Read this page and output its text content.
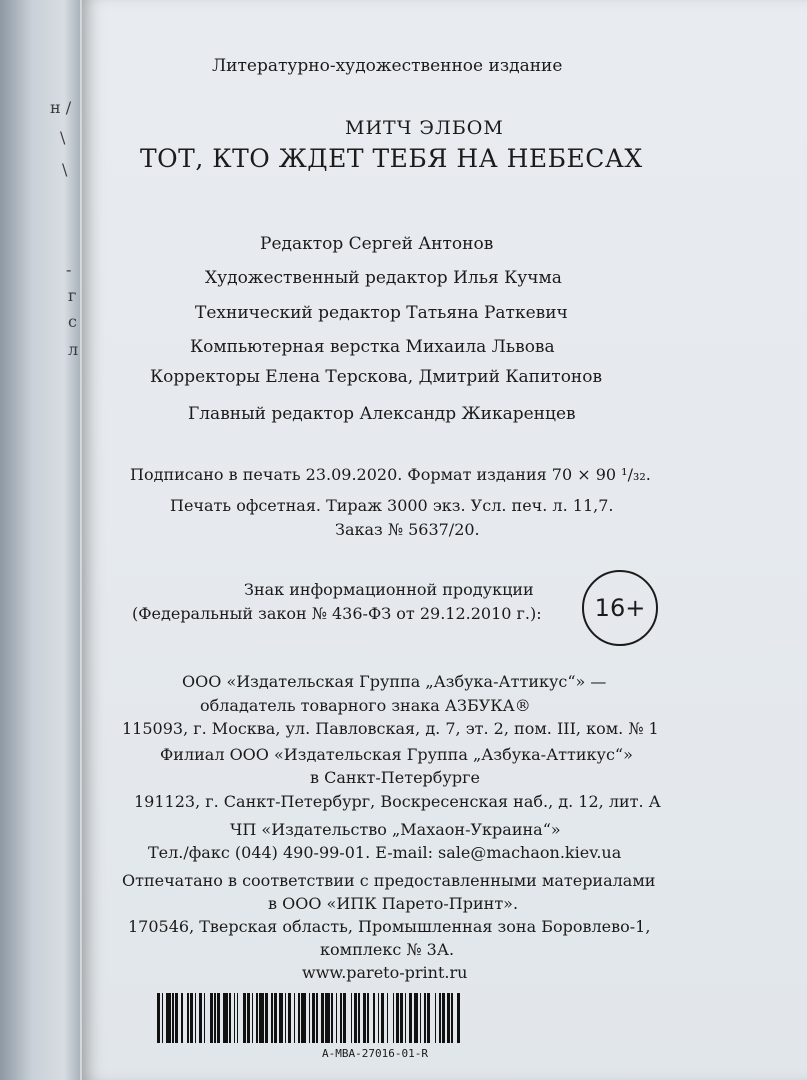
н /
\
\
-
г
с
л
Литературно-художественное издание
МИТЧ ЭЛБОМ
ТОТ, КТО ЖДЕТ ТЕБЯ НА НЕБЕСАХ
Редактор Сергей Антонов
Художественный редактор Илья Кучма
Технический редактор Татьяна Раткевич
Компьютерная верстка Михаила Львова
Корректоры Елена Терскова, Дмитрий Капитонов
Главный редактор Александр Жикаренцев
Подписано в печать 23.09.2020. Формат издания 70 × 90 ¹/₃₂.
Печать офсетная. Тираж 3000 экз. Усл. печ. л. 11,7.
Заказ № 5637/20.
Знак информационной продукции
(Федеральный закон № 436-ФЗ от 29.12.2010 г.):	16+
ООО «Издательская Группа „Азбука-Аттикус“» —
обладатель товарного знака АЗБУКА®
115093, г. Москва, ул. Павловская, д. 7, эт. 2, пом. III, ком. № 1
Филиал ООО «Издательская Группа „Азбука-Аттикус“»
в Санкт-Петербурге
191123, г. Санкт-Петербург, Воскресенская наб., д. 12, лит. А
ЧП «Издательство „Махаон-Украина“»
Тел./факс (044) 490-99-01. E-mail: sale@machaon.kiev.ua
Отпечатано в соответствии с предоставленными материалами
в ООО «ИПК Парето-Принт».
170546, Тверская область, Промышленная зона Боровлево-1,
комплекс № 3А.
www.pareto-print.ru
A-MBA-27016-01-R
